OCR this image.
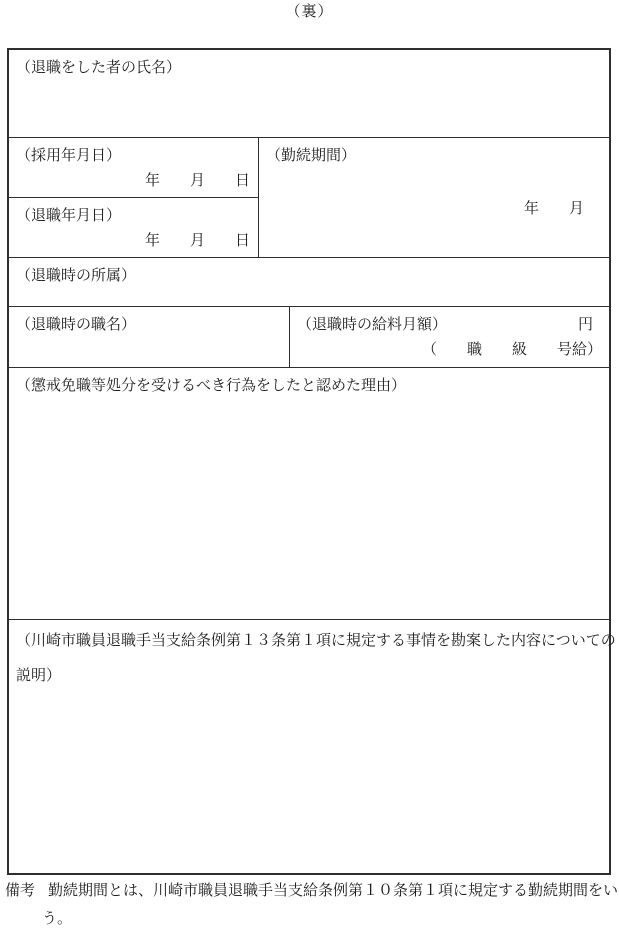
（裏）
（退職をした者の氏名）
（採用年月日）
年　　月　　日
（退職年月日）
年　　月　　日
（勤続期間）
年　　月
（退職時の所属）
（退職時の職名）	（退職時の給料月額）	円
（　　職　　級　　号給）
（懲戒免職等処分を受けるべき行為をしたと認めた理由）
（川崎市職員退職手当支給条例第１３条第１項に規定する事情を勘案した内容についての
説明）
備考 勤続期間とは、川崎市職員退職手当支給条例第１０条第１項に規定する勤続期間をい
う。
